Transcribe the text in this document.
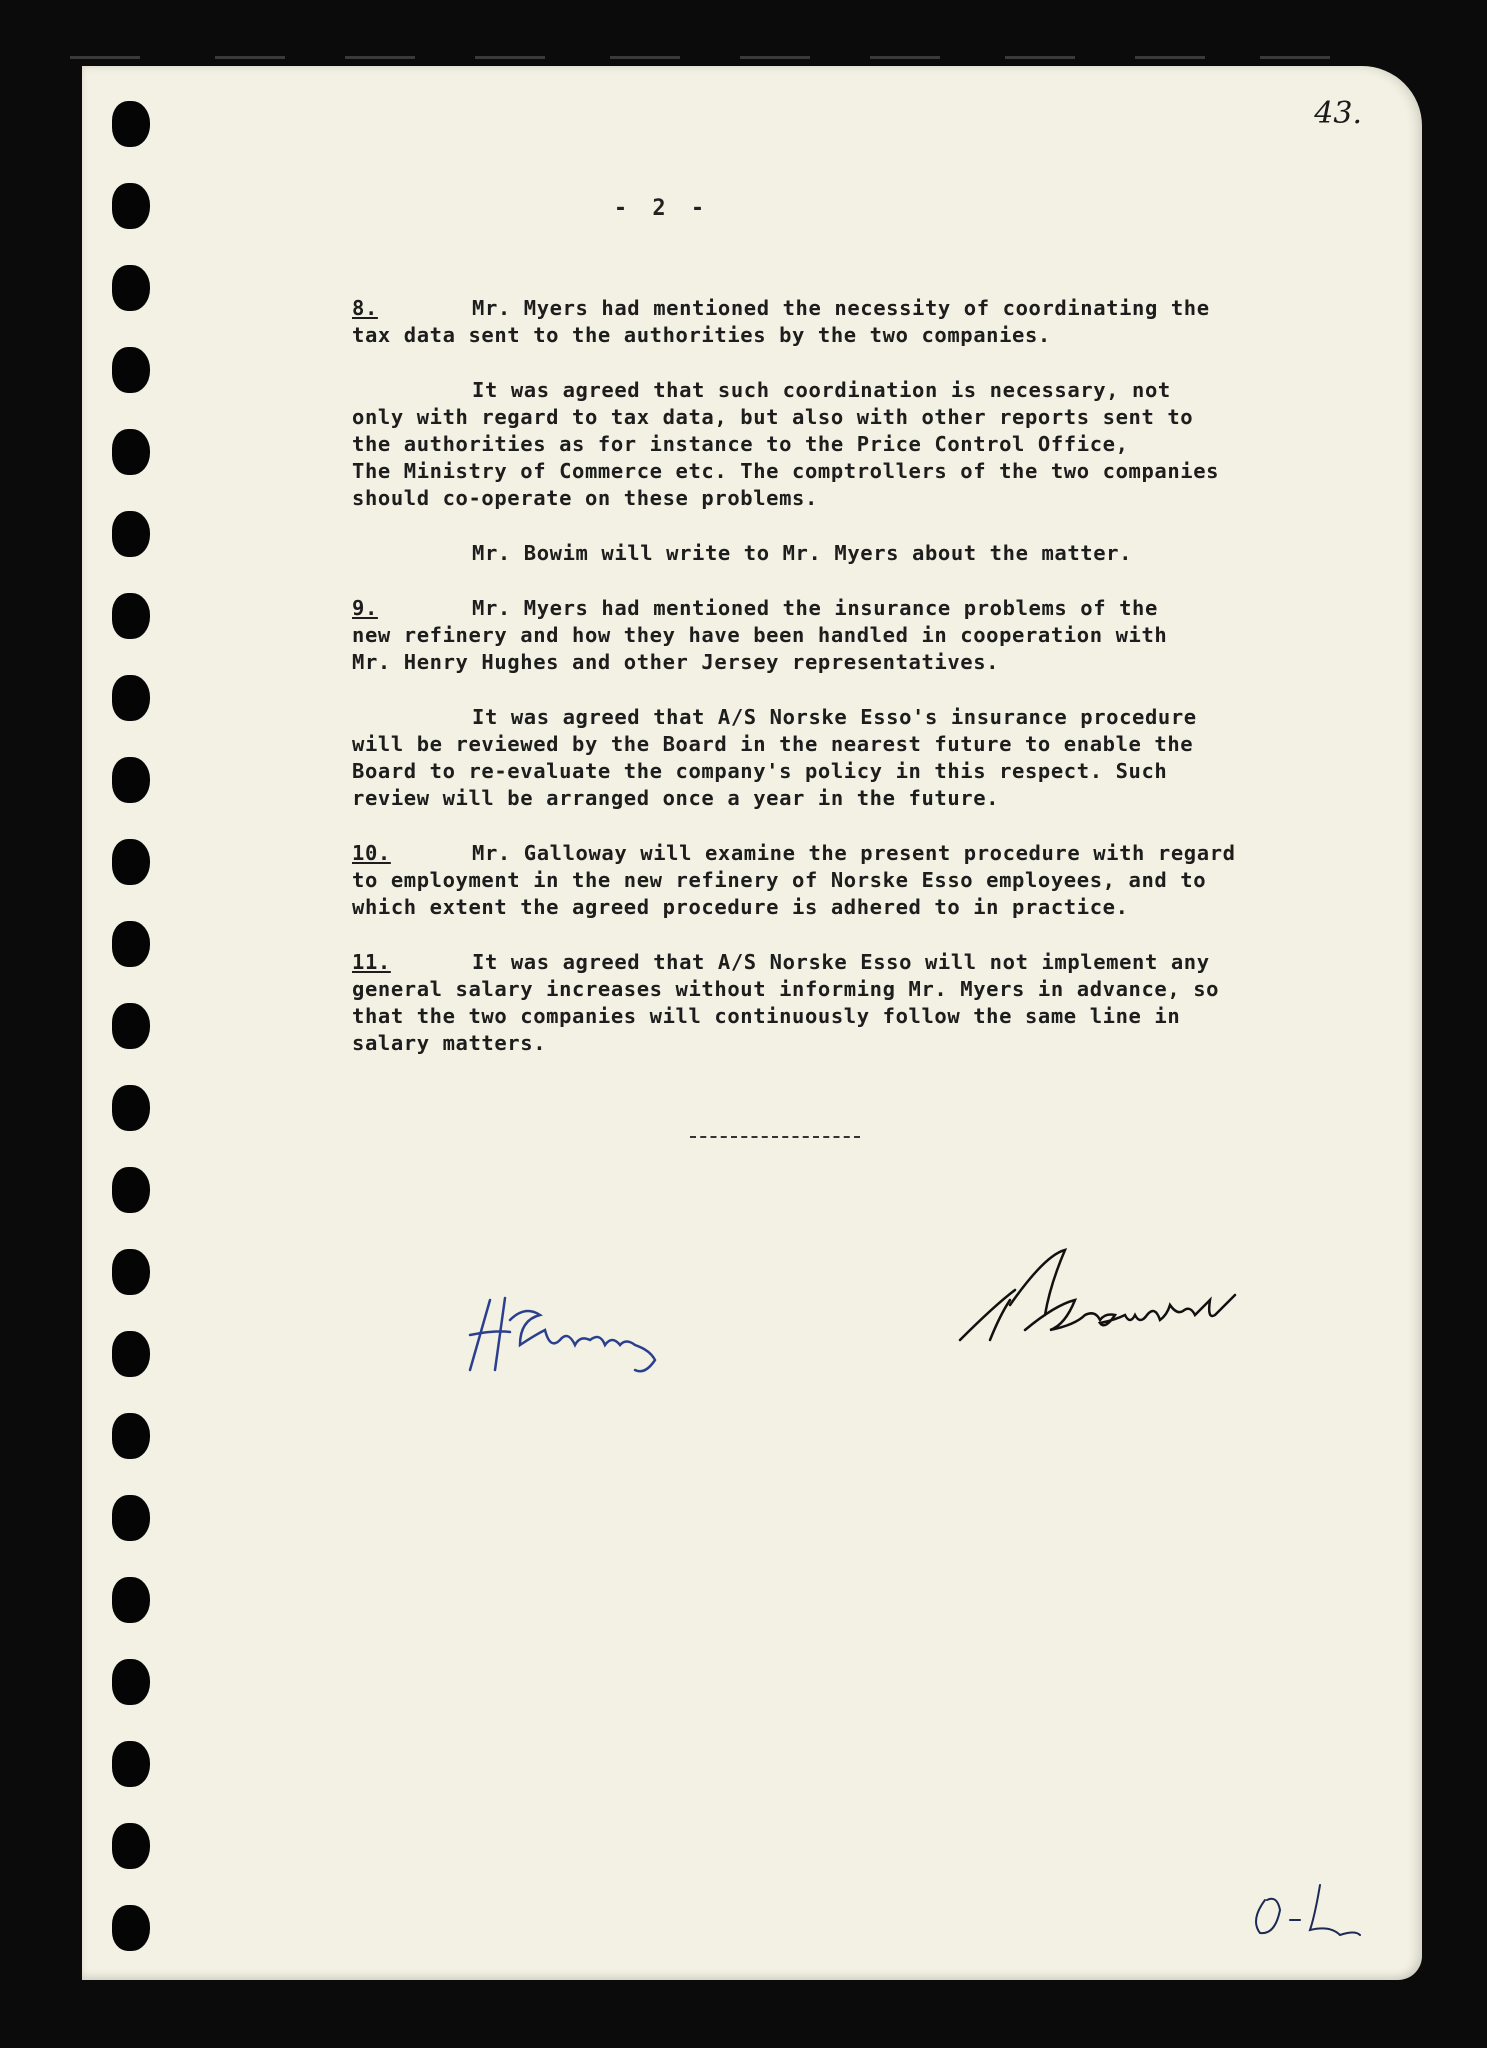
43.
- 2 -

8.	Mr. Myers had mentioned the necessity of coordinating the

tax data sent to the authorities by the two companies.

It was agreed that such coordination is necessary, not
only with regard to tax data, but also with other reports sent to
the authorities as for instance to the Price Control Office,
The Ministry of Commerce etc. The comptrollers of the two companies
should co-operate on these problems.
Mr. Bowim will write to Mr. Myers about the matter.

9.	Mr. Myers had mentioned the insurance problems of the

new refinery and how they have been handled in cooperation with
Mr. Henry Hughes and other Jersey representatives.

It was agreed that A/S Norske Esso's insurance procedure
will be reviewed by the Board in the nearest future to enable the
Board to re-evaluate the company's policy in this respect. Such
review will be arranged once a year in the future.

10.	Mr. Galloway will examine the present procedure with regard

to employment in the new refinery of Norske Esso employees, and to
which extent the agreed procedure is adhered to in practice.

11.	It was agreed that A/S Norske Esso will not implement any

general salary increases without informing Mr. Myers in advance, so
that the two companies will continuously follow the same line in
salary matters.
